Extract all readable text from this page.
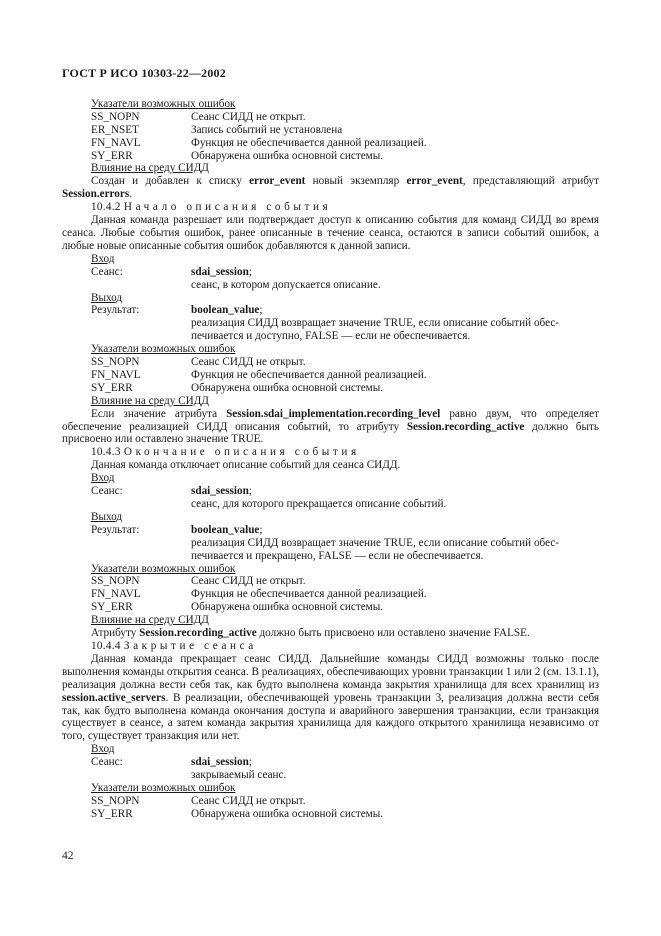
ГОСТ Р ИСО 10303-22—2002
Указатели возможных ошибок
SS_NOPN	Сеанс СИДД не открыт.
ER_NSET	Запись событий не установлена
FN_NAVL	Функция не обеспечивается данной реализацией.
SY_ERR	Обнаружена ошибка основной системы.
Влияние на среду СИДД

Создан и добавлен к списку error_event новый экземпляр error_event, представляющий атрибут Session.errors.

10.4.2 Начало описания события

Данная команда разрешает или подтверждает доступ к описанию события для команд СИДД во время сеанса. Любые события ошибок, ранее описанные в течение сеанса, остаются в записи событий ошибок, а любые новые описанные события ошибок добавляются к данной записи.

Вход
Сеанс:	sdai_session;
сеанс, в котором допускается описание.
Выход
Результат:	boolean_value;
реализация СИДД возвращает значение TRUE, если описание событий обес-
печивается и доступно, FALSE — если не обеспечивается.
Указатели возможных ошибок
SS_NOPN	Сеанс СИДД не открыт.
FN_NAVL	Функция не обеспечивается данной реализацией.
SY_ERR	Обнаружена ошибка основной системы.
Влияние на среду СИДД

Если значение атрибута Session.sdai_implementation.recording_level равно двум, что определяет обеспечение реализацией СИДД описания событий, то атрибуту Session.recording_active должно быть присвоено или оставлено значение TRUE.

10.4.3 Окончание описания события

Данная команда отключает описание событий для сеанса СИДД.

Вход
Сеанс:	sdai_session;
сеанс, для которого прекращается описание событий.
Выход
Результат:	boolean_value;
реализация СИДД возвращает значение TRUE, если описание событий обес-
печивается и прекращено, FALSE — если не обеспечивается.
Указатели возможных ошибок
SS_NOPN	Сеанс СИДД не открыт.
FN_NAVL	Функция не обеспечивается данной реализацией.
SY_ERR	Обнаружена ошибка основной системы.
Влияние на среду СИДД

Атрибуту Session.recording_active должно быть присвоено или оставлено значение FALSE.

10.4.4 Закрытие сеанса

Данная команда прекращает сеанс СИДД. Дальнейшие команды СИДД возможны только после выполнения команды открытия сеанса. В реализациях, обеспечивающих уровни транзакции 1 или 2 (см. 13.1.1), реализация должна вести себя так, как будто выполнена команда закрытия хранилища для всех хранилищ из session.active_servers. В реализации, обеспечивающей уровень транзакции 3, реализация должна вести себя так, как будто выполнена команда окончания доступа и аварийного завершения транзакции, если транзакция существует в сеансе, а затем команда закрытия хранилища для каждого открытого хранилища независимо от того, существует транзакция или нет.

Вход
Сеанс:	sdai_session;
закрываемый сеанс.
Указатели возможных ошибок
SS_NOPN	Сеанс СИДД не открыт.
SY_ERR	Обнаружена ошибка основной системы.
42
